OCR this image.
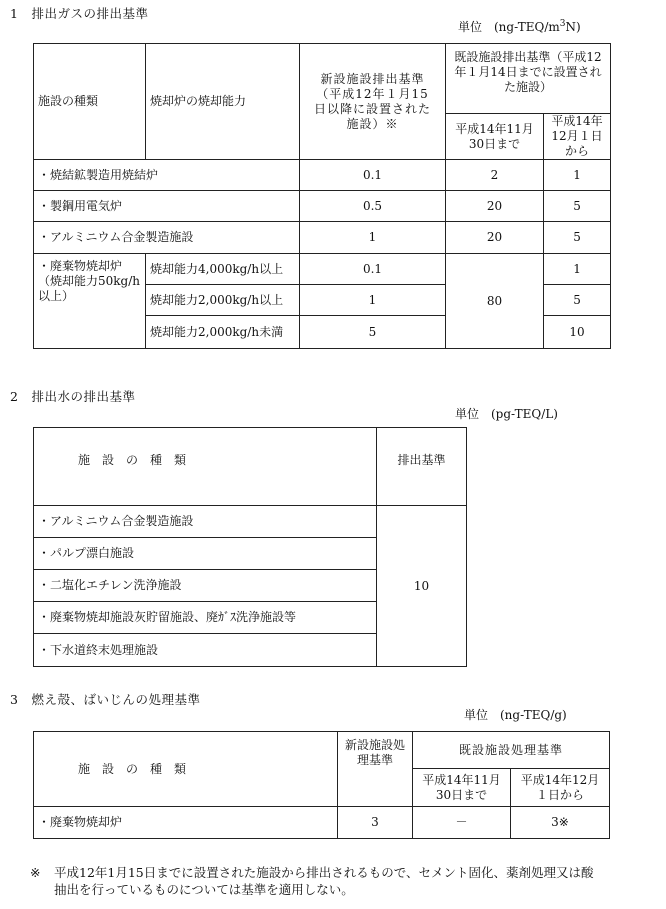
1　排出ガスの排出基準
単位　$(ng-TEQ/m^3N)$
施設の種類	焼却炉の焼却能力	新設施設排出基準（平成12年１月15日以降に設置された施設）※	既設施設排出基準（平成12年１月14日までに設置された施設）	
			平成14年11月30日まで	平成14年12月１日から
・焼結鉱製造用焼結炉		0.1	2	1
・製鋼用電気炉		0.5	20	5
・アルミニウム合金製造施設		1	20	5
・廃棄物焼却炉（焼却能力50kg/h以上）	焼却能力4,000kg/h以上	0.1	80	1
	焼却能力2,000kg/h以上	1		5
	焼却能力2,000kg/h未満	5		10
2　排出水の排出基準
単位　(pg-TEQ/L)
施　設　の　種　類	排出基準
・アルミニウム合金製造施設	10
・パルプ漂白施設	
・二塩化エチレン洗浄施設	
・廃棄物焼却施設灰貯留施設、廃ｶﾞｽ洗浄施設等	
・下水道終末処理施設	
3　燃え殻、ばいじんの処理基準
単位　(ng-TEQ/g)
施　設　の　種　類	新設施設処理基準	既設施設処理基準	
		平成14年11月30日まで	平成14年12月１日から
・廃棄物焼却炉	3	－	3※
※ 平成12年1月15日までに設置された施設から排出されるもので、セメント固化、薬剤処理又は酸
抽出を行っているものについては基準を適用しない。
